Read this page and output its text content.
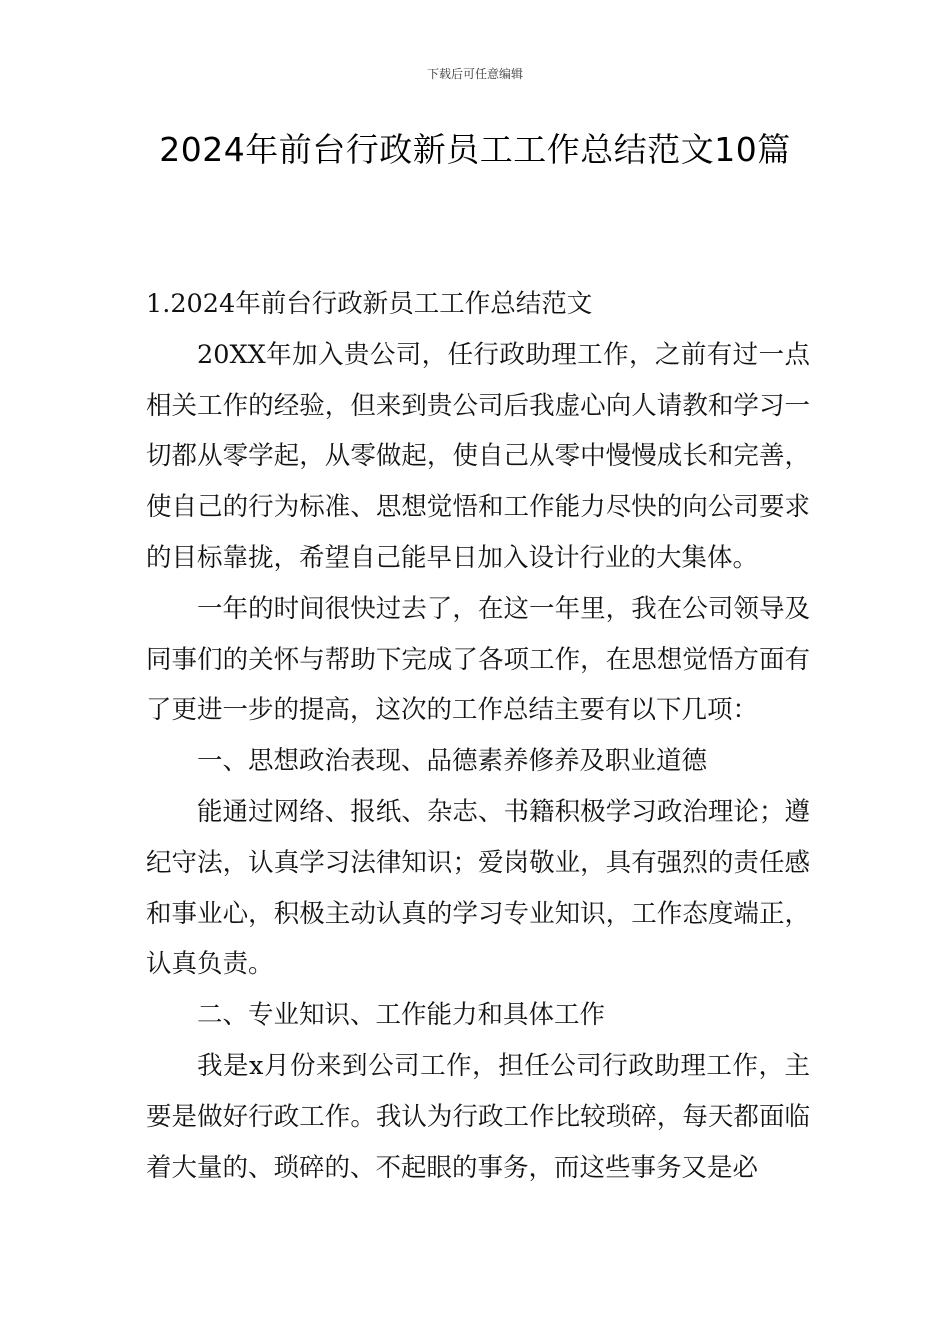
下载后可任意编辑
2024年前台行政新员工工作总结范文10篇

1.2024年前台行政新员工工作总结范文

20XX年加入贵公司，任行政助理工作，之前有过一点相关工作的经验，但来到贵公司后我虚心向人请教和学习一切都从零学起，从零做起，使自己从零中慢慢成长和完善，使自己的行为标准、思想觉悟和工作能力尽快的向公司要求的目标靠拢，希望自己能早日加入设计行业的大集体。

一年的时间很快过去了，在这一年里，我在公司领导及同事们的关怀与帮助下完成了各项工作，在思想觉悟方面有了更进一步的提高，这次的工作总结主要有以下几项：

一、思想政治表现、品德素养修养及职业道德

能通过网络、报纸、杂志、书籍积极学习政治理论；遵纪守法，认真学习法律知识；爱岗敬业，具有强烈的责任感和事业心，积极主动认真的学习专业知识，工作态度端正，认真负责。

二、专业知识、工作能力和具体工作

我是x月份来到公司工作，担任公司行政助理工作，主要是做好行政工作。我认为行政工作比较琐碎，每天都面临着大量的、琐碎的、不起眼的事务，而这些事务又是必
